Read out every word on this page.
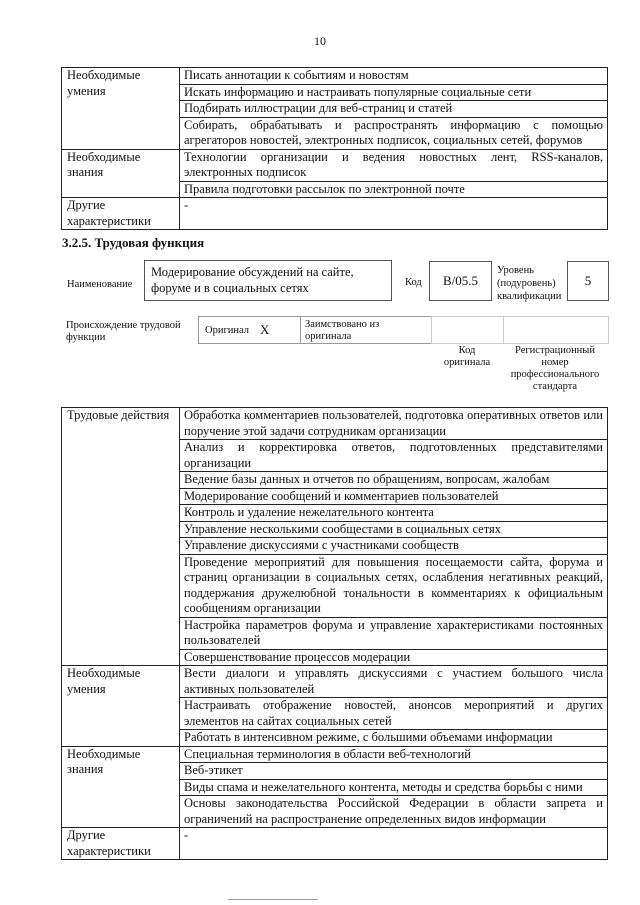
10
Необходимые умения	Писать аннотации к событиям и новостям
	Искать информацию и настраивать популярные социальные сети
	Подбирать иллюстрации для веб-страниц и статей
	Собирать, обрабатывать и распространять информацию с помощью агрегаторов новостей, электронных подписок, социальных сетей, форумов
Необходимые знания	Технологии организации и ведения новостных лент, RSS-каналов, электронных подписок
	Правила подготовки рассылок по электронной почте
Другие характеристики	-
3.2.5. Трудовая функция
Наименование
Модерирование обсуждений на сайте, форуме и в социальных сетях	Код	B/05.5
Уровень (подуровень) квалификации
5
Происхождение трудовой функции
Оригинал X	Заимствовано из оригинала
Код оригинала
Регистрационный номер профессионального стандарта
Трудовые действия	Обработка комментариев пользователей, подготовка оперативных ответов или поручение этой задачи сотрудникам организации
	Анализ и корректировка ответов, подготовленных представителями организации
	Ведение базы данных и отчетов по обращениям, вопросам, жалобам
	Модерирование сообщений и комментариев пользователей
	Контроль и удаление нежелательного контента
	Управление несколькими сообщестами в социальных сетях
	Управление дискуссиями с участниками сообществ
	Проведение мероприятий для повышения посещаемости сайта, форума и страниц организации в социальных сетях, ослабления негативных реакций, поддержания дружелюбной тональности в комментариях к официальным сообщениям организации
	Настройка параметров форума и управление характеристиками постоянных пользователей
	Совершенствование процессов модерации
Необходимые умения	Вести диалоги и управлять дискуссиями с участием большого числа активных пользователей
	Настраивать отображение новостей, анонсов мероприятий и других элементов на сайтах социальных сетей
	Работать в интенсивном режиме, с большими объемами информации
Необходимые знания	Специальная терминология в области веб-технологий
	Веб-этикет
	Виды спама и нежелательного контента, методы и средства борьбы с ними
	Основы законодательства Российской Федерации в области запрета и ограничений на распространение определенных видов информации
Другие характеристики	-
